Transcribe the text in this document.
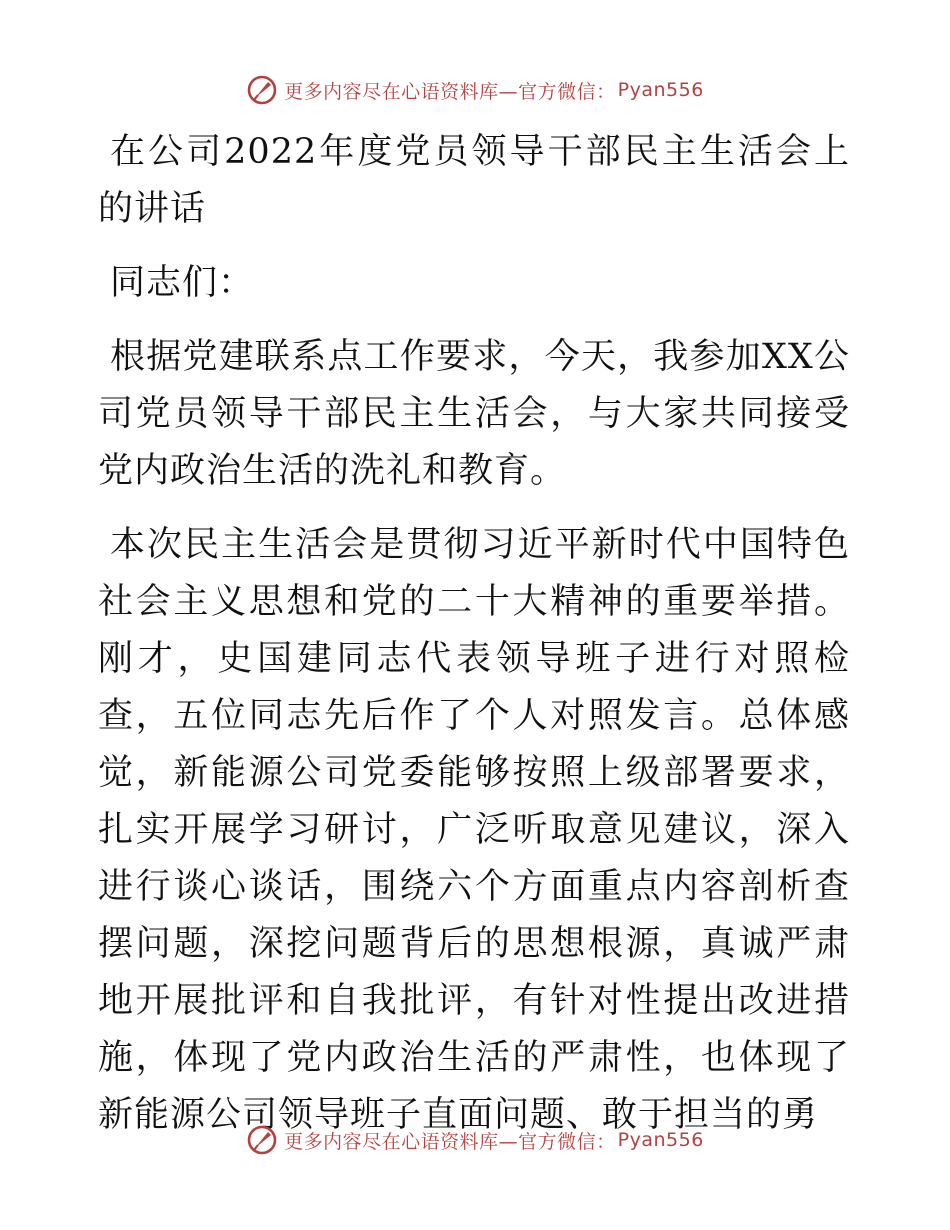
更多内容尽在心语资料库—官方微信： Pyan556

在公司2022年度党员领导干部民主生活会上的讲话

同志们：

根据党建联系点工作要求，今天，我参加XX公司党员领导干部民主生活会，与大家共同接受党内政治生活的洗礼和教育。

本次民主生活会是贯彻习近平新时代中国特色社会主义思想和党的二十大精神的重要举措。刚才，史国建同志代表领导班子进行对照检查，五位同志先后作了个人对照发言。总体感觉，新能源公司党委能够按照上级部署要求，扎实开展学习研讨，广泛听取意见建议，深入进行谈心谈话，围绕六个方面重点内容剖析查摆问题，深挖问题背后的思想根源，真诚严肃地开展批评和自我批评，有针对性提出改进措施，体现了党内政治生活的严肃性，也体现了新能源公司领导班子直面问题、敢于担当的勇

更多内容尽在心语资料库—官方微信： Pyan556
